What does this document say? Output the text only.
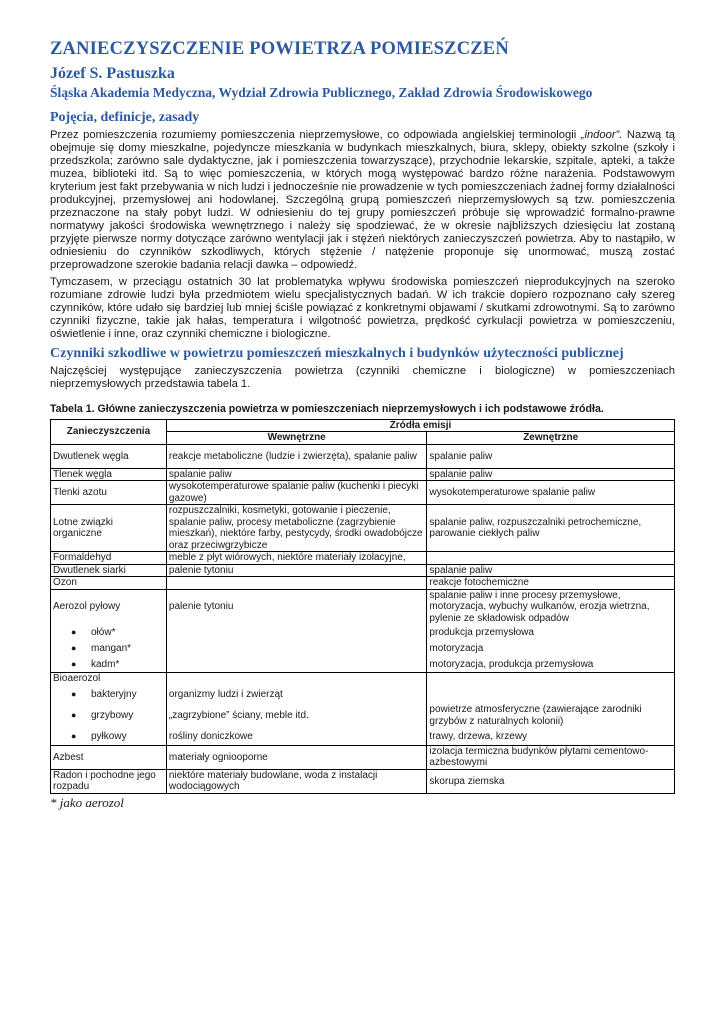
ZANIECZYSZCZENIE POWIETRZA POMIESZCZEŃ
Józef S. Pastuszka
Śląska Akademia Medyczna, Wydział Zdrowia Publicznego, Zakład Zdrowia Środowiskowego
Pojęcia, definicje, zasady

Przez pomieszczenia rozumiemy pomieszczenia nieprzemysłowe, co odpowiada angielskiej terminologii „indoor”. Nazwą tą obejmuje się domy mieszkalne, pojedyncze mieszkania w budynkach mieszkalnych, biura, sklepy, obiekty szkolne (szkoły i przedszkola; zarówno sale dydaktyczne, jak i pomieszczenia towarzyszące), przychodnie lekarskie, szpitale, apteki, a także muzea, biblioteki itd. Są to więc pomieszczenia, w których mogą występować bardzo różne narażenia. Podstawowym kryterium jest fakt przebywania w nich ludzi i jednocześnie nie prowadzenie w tych pomieszczeniach żadnej formy działalności produkcyjnej, przemysłowej ani hodowlanej. Szczególną grupą pomieszczeń nieprzemysłowych są tzw. pomieszczenia przeznaczone na stały pobyt ludzi. W odniesieniu do tej grupy pomieszczeń próbuje się wprowadzić formalno-prawne normatywy jakości środowiska wewnętrznego i należy się spodziewać, że w okresie najbliższych dziesięciu lat zostaną przyjęte pierwsze normy dotyczące zarówno wentylacji jak i stężeń niektórych zanieczyszczeń powietrza. Aby to nastąpiło, w odniesieniu do czynników szkodliwych, których stężenie / natężenie proponuje się unormować, muszą zostać przeprowadzone szerokie badania relacji dawka – odpowiedź.

Tymczasem, w przeciągu ostatnich 30 lat problematyka wpływu środowiska pomieszczeń nieprodukcyjnych na szeroko rozumiane zdrowie ludzi była przedmiotem wielu specjalistycznych badań. W ich trakcie dopiero rozpoznano cały szereg czynników, które udało się bardziej lub mniej ściśle powiązać z konkretnymi objawami / skutkami zdrowotnymi. Są to zarówno czynniki fizyczne, takie jak hałas, temperatura i wilgotność powietrza, prędkość cyrkulacji powietrza w pomieszczeniu, oświetlenie i inne, oraz czynniki chemiczne i biologiczne.

Czynniki szkodliwe w powietrzu pomieszczeń mieszkalnych i budynków użyteczności publicznej

Najczęściej występujące zanieczyszczenia powietrza (czynniki chemiczne i biologiczne) w pomieszczeniach nieprzemysłowych przedstawia tabela 1.

Tabela 1. Główne zanieczyszczenia powietrza w pomieszczeniach nieprzemysłowych i ich podstawowe źródła.
Zanieczyszczenia	Źródła emisji	
	Wewnętrzne	Zewnętrzne
Dwutlenek węgla	reakcje metaboliczne (ludzie i zwierzęta), spalanie paliw	spalanie paliw
Tlenek węgla	spalanie paliw	spalanie paliw
Tlenki azotu	wysokotemperaturowe spalanie paliw (kuchenki i piecyki gazowe)	wysokotemperaturowe spalanie paliw
Lotne związki organiczne	rozpuszczalniki, kosmetyki, gotowanie i pieczenie, spalanie paliw, procesy metaboliczne (zagrzybienie mieszkań), niektóre farby, pestycydy, środki owadobójcze oraz przeciwgrzybicze	spalanie paliw, rozpuszczalniki petrochemiczne, parowanie ciekłych paliw
Formaldehyd	meble z płyt wiórowych, niektóre materiały izolacyjne,	
Dwutlenek siarki	palenie tytoniu	spalanie paliw
Ozon		reakcje fotochemiczne
Aerozol pyłowy	palenie tytoniu	spalanie paliw i inne procesy przemysłowe, motoryzacja, wybuchy wulkanów, erozja wietrzna, pylenie ze składowisk odpadów

● ołów*		produkcja przemysłowa

● mangan*		motoryzacja

● kadm*		motoryzacja, produkcja przemysłowa
Bioaerozol		

● bakteryjny	organizmy ludzi i zwierząt	

● grzybowy	„zagrzybione” ściany, meble itd.	powietrze atmosferyczne (zawierające zarodniki grzybów z naturalnych kolonii)

● pyłkowy	rośliny doniczkowe	trawy, drzewa, krzewy
Azbest	materiały ogniooporne	izolacja termiczna budynków płytami cementowo-azbestowymi
Radon i pochodne jego rozpadu	niektóre materiały budowlane, woda z instalacji wodociągowych	skorupa ziemska
* jako aerozol
